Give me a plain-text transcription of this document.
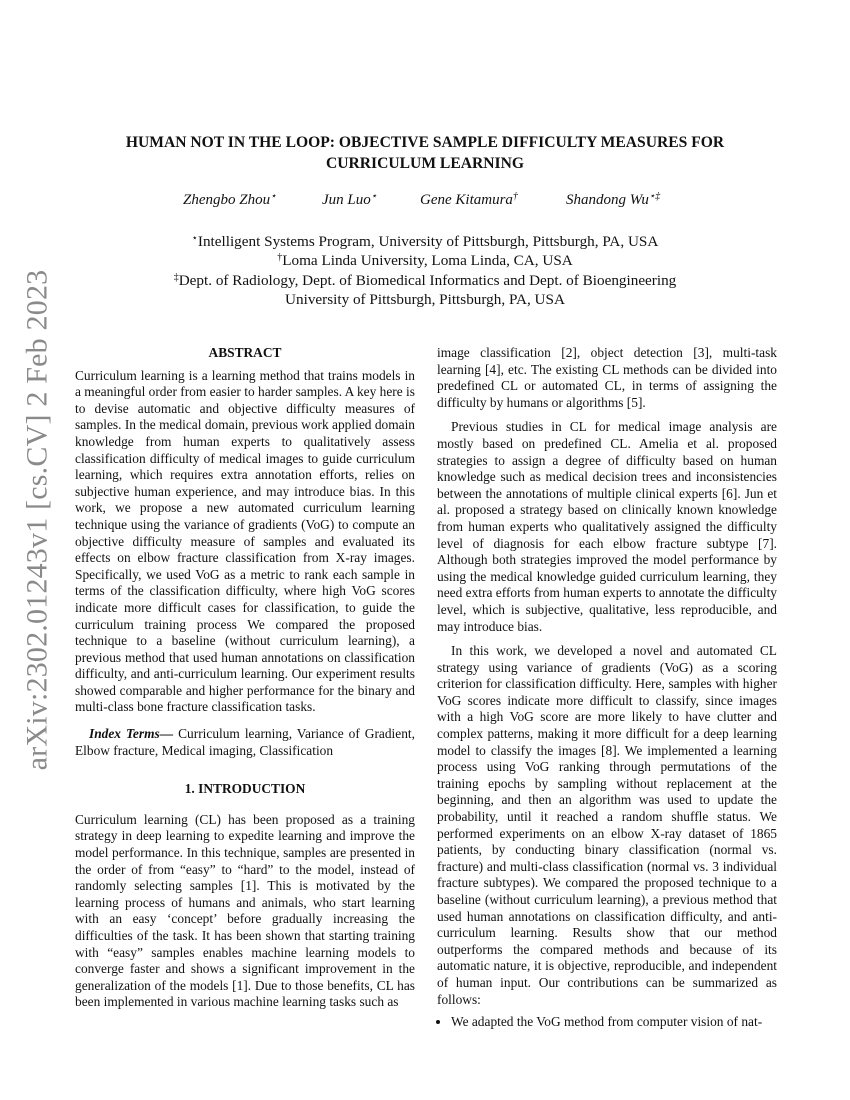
arXiv:2302.01243v1 [cs.CV] 2 Feb 2023
HUMAN NOT IN THE LOOP: OBJECTIVE SAMPLE DIFFICULTY MEASURES FOR CURRICULUM LEARNING
Zhengbo Zhou⋆	Jun Luo⋆	Gene Kitamura†	Shandong Wu⋆‡
⋆Intelligent Systems Program, University of Pittsburgh, Pittsburgh, PA, USA
†Loma Linda University, Loma Linda, CA, USA
‡Dept. of Radiology, Dept. of Biomedical Informatics and Dept. of Bioengineering
University of Pittsburgh, Pittsburgh, PA, USA
ABSTRACT

Curriculum learning is a learning method that trains models in a meaningful order from easier to harder samples. A key here is to devise automatic and objective difficulty measures of samples. In the medical domain, previous work applied domain knowledge from human experts to qualitatively assess classification difficulty of medical images to guide curriculum learning, which requires extra annotation efforts, relies on subjective human experience, and may introduce bias. In this work, we propose a new automated curriculum learning technique using the variance of gradients (VoG) to compute an objective difficulty measure of samples and evaluated its effects on elbow fracture classification from X-ray images. Specifically, we used VoG as a metric to rank each sample in terms of the classification difficulty, where high VoG scores indicate more difficult cases for classification, to guide the curriculum training process We compared the proposed technique to a baseline (without curriculum learning), a previous method that used human annotations on classification difficulty, and anti-curriculum learning. Our experiment results showed comparable and higher performance for the binary and multi-class bone fracture classification tasks.

Index Terms— Curriculum learning, Variance of Gradient, Elbow fracture, Medical imaging, Classification

1. INTRODUCTION

Curriculum learning (CL) has been proposed as a training strategy in deep learning to expedite learning and improve the model performance. In this technique, samples are presented in the order of from “easy” to “hard” to the model, instead of randomly selecting samples [1]. This is motivated by the learning process of humans and animals, who start learning with an easy ‘concept’ before gradually increasing the difficulties of the task. It has been shown that starting training with “easy” samples enables machine learning models to converge faster and shows a significant improvement in the generalization of the models [1]. Due to those benefits, CL has been implemented in various machine learning tasks such as

image classification [2], object detection [3], multi-task learning [4], etc. The existing CL methods can be divided into predefined CL or automated CL, in terms of assigning the difficulty by humans or algorithms [5].

Previous studies in CL for medical image analysis are mostly based on predefined CL. Amelia et al. proposed strategies to assign a degree of difficulty based on human knowledge such as medical decision trees and inconsistencies between the annotations of multiple clinical experts [6]. Jun et al. proposed a strategy based on clinically known knowledge from human experts who qualitatively assigned the difficulty level of diagnosis for each elbow fracture subtype [7]. Although both strategies improved the model performance by using the medical knowledge guided curriculum learning, they need extra efforts from human experts to annotate the difficulty level, which is subjective, qualitative, less reproducible, and may introduce bias.

In this work, we developed a novel and automated CL strategy using variance of gradients (VoG) as a scoring criterion for classification difficulty. Here, samples with higher VoG scores indicate more difficult to classify, since images with a high VoG score are more likely to have clutter and complex patterns, making it more difficult for a deep learning model to classify the images [8]. We implemented a learning process using VoG ranking through permutations of the training epochs by sampling without replacement at the beginning, and then an algorithm was used to update the probability, until it reached a random shuffle status. We performed experiments on an elbow X-ray dataset of 1865 patients, by conducting binary classification (normal vs. fracture) and multi-class classification (normal vs. 3 individual fracture subtypes). We compared the proposed technique to a baseline (without curriculum learning), a previous method that used human annotations on classification difficulty, and anti-curriculum learning. Results show that our method outperforms the compared methods and because of its automatic nature, it is objective, reproducible, and independent of human input. Our contributions can be summarized as follows:

• We adapted the VoG method from computer vision of nat-
